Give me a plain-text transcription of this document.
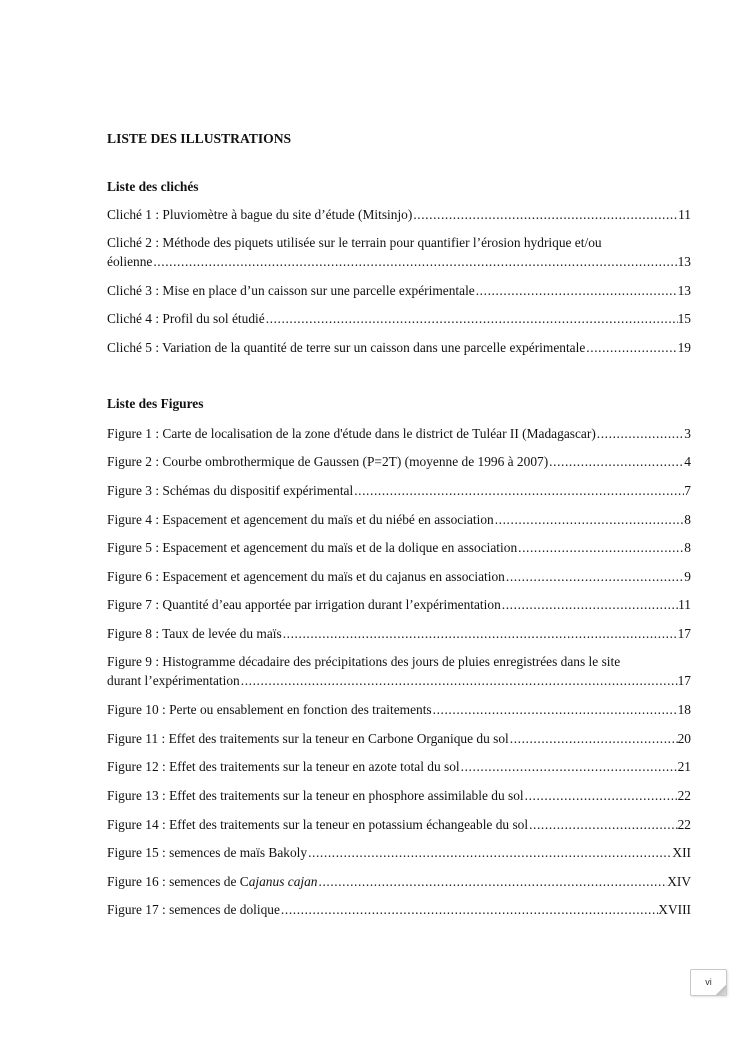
LISTE DES ILLUSTRATIONS
Liste des clichés
Cliché 1 : Pluviomètre à bague du site d’étude (Mitsinjo) .....	11
Cliché 2 : Méthode des piquets utilisée sur le terrain pour quantifier l’érosion hydrique et/ou
éolienne .....	13
Cliché 3 : Mise en place d’un caisson sur une parcelle expérimentale .....	13
Cliché 4 : Profil du sol étudié .....	15
Cliché 5 : Variation de la quantité de terre sur un caisson dans une parcelle expérimentale .....	19
Liste des Figures
Figure 1 : Carte de localisation de la zone d'étude dans le district de Tuléar II (Madagascar) .....	3
Figure 2 : Courbe ombrothermique de Gaussen (P=2T) (moyenne de 1996 à 2007) .....	4
Figure 3 : Schémas du dispositif expérimental .....	7
Figure 4 : Espacement et agencement du maïs et du niébé en association .....	8
Figure 5 : Espacement et agencement du maïs et de la dolique en association .....	8
Figure 6 : Espacement et agencement du maïs et du cajanus en association .....	9
Figure 7 : Quantité d’eau apportée par irrigation durant l’expérimentation .....	11
Figure 8 : Taux de levée du maïs .....	17
Figure 9 : Histogramme décadaire des précipitations des jours de pluies enregistrées dans le site
durant l’expérimentation .....	17
Figure 10 : Perte ou ensablement en fonction des traitements .....	18
Figure 11 : Effet des traitements sur la teneur en Carbone Organique du sol .....	20
Figure 12 : Effet des traitements sur la teneur en azote total du sol .....	21
Figure 13 : Effet des traitements sur la teneur en phosphore assimilable du sol .....	22
Figure 14 : Effet des traitements sur la teneur en potassium échangeable du sol .....	22
Figure 15 : semences de maïs Bakoly .....	XII
Figure 16 : semences de Cajanus cajan .....	XIV
Figure 17 : semences de dolique .....	XVIII
vi
